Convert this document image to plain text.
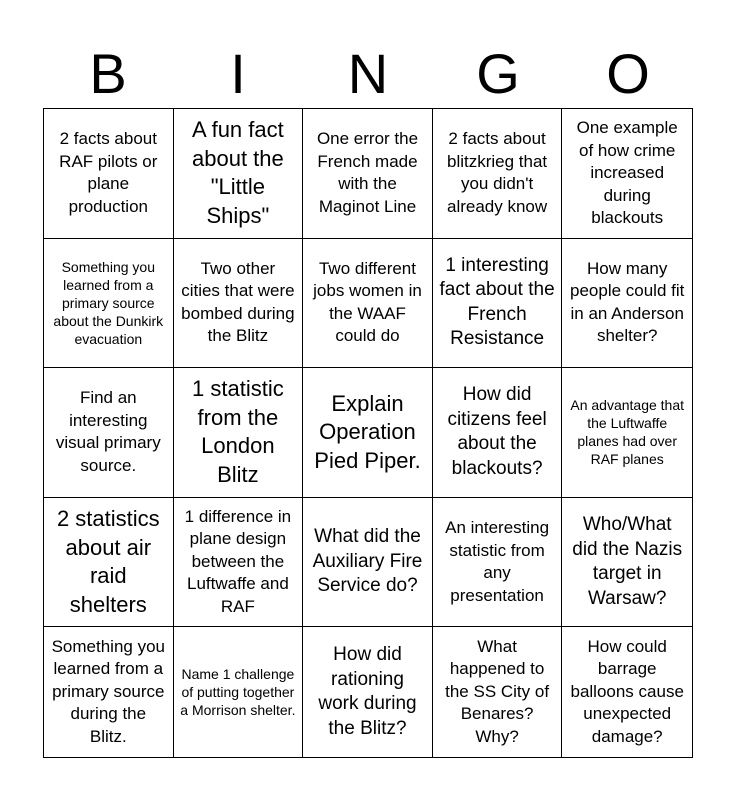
B	I	N	G	O
2 facts about RAF pilots or plane production
A fun fact about the "Little Ships"
One error the French made with the Maginot Line
2 facts about blitzkrieg that you didn't already know
One example of how crime increased during blackouts
Something you learned from a primary source about the Dunkirk evacuation
Two other cities that were bombed during the Blitz
Two different jobs women in the WAAF could do
1 interesting fact about the French Resistance
How many people could fit in an Anderson shelter?
Find an interesting visual primary source.
1 statistic from the London Blitz
Explain Operation Pied Piper.
How did citizens feel about the blackouts?
An advantage that the Luftwaffe planes had over RAF planes
2 statistics about air raid shelters
1 difference in plane design between the Luftwaffe and RAF
What did the Auxiliary Fire Service do?
An interesting statistic from any presentation
Who/What did the Nazis target in Warsaw?
Something you learned from a primary source during the Blitz.
Name 1 challenge of putting together a Morrison shelter.
How did rationing work during the Blitz?
What happened to the SS City of Benares? Why?
How could barrage balloons cause unexpected damage?
